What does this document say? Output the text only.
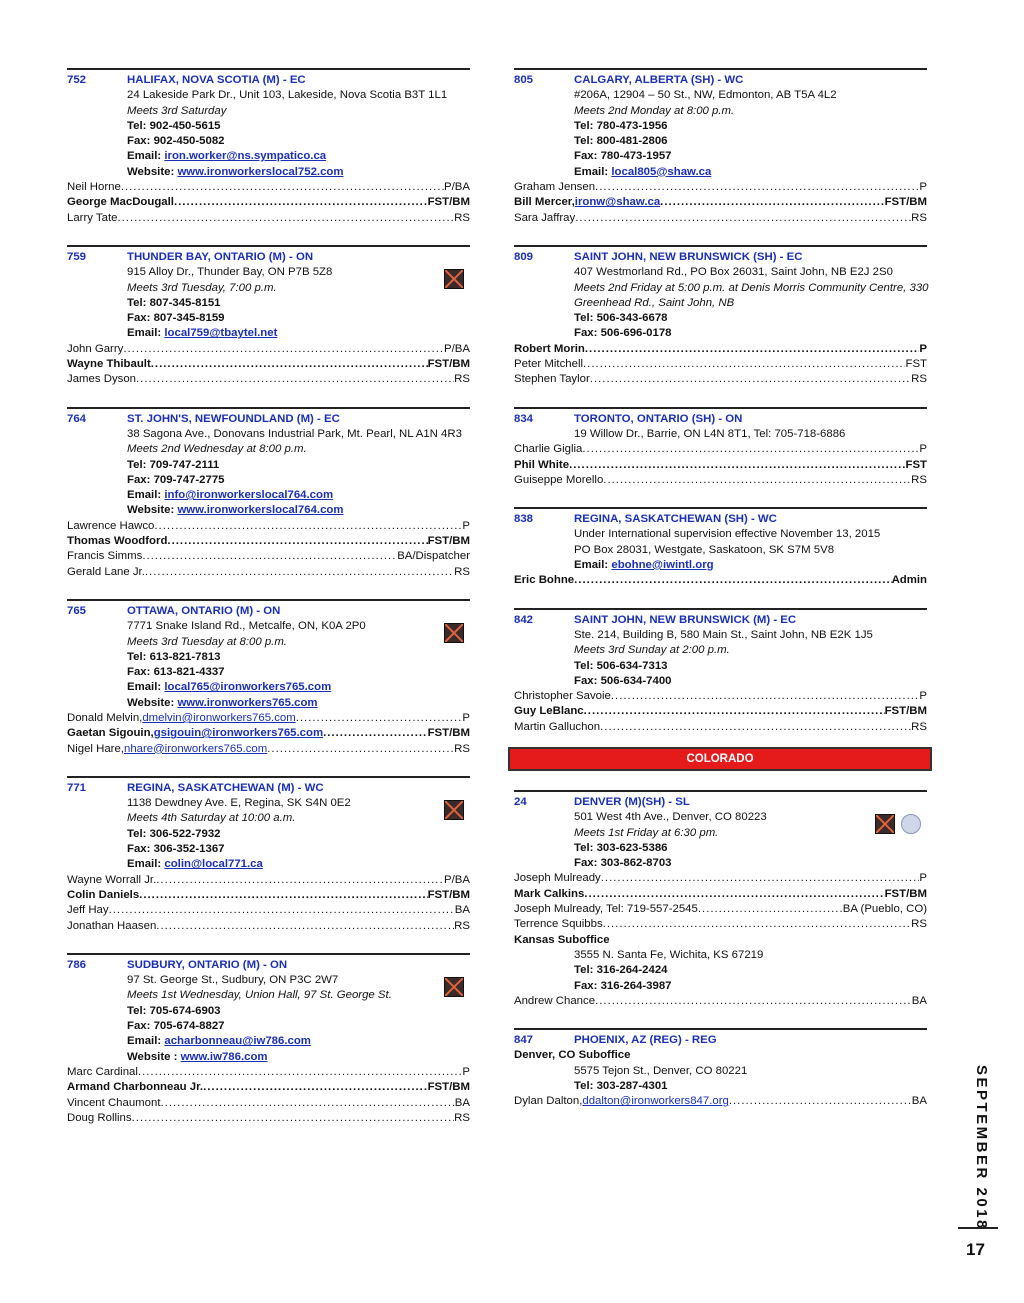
752	HALIFAX, NOVA SCOTIA (M) - EC
24 Lakeside Park Dr., Unit 103, Lakeside, Nova Scotia B3T 1L1
Meets 3rd Saturday
Tel: 902-450-5615
Fax: 902-450-5082
Email: iron.worker@ns.sympatico.ca
Website: www.ironworkerslocal752.com
Neil Horne .....	P/BA
George MacDougall .....	FST/BM
Larry Tate .....	RS
759	THUNDER BAY, ONTARIO (M) - ON
915 Alloy Dr., Thunder Bay, ON P7B 5Z8
Meets 3rd Tuesday, 7:00 p.m.
Tel: 807-345-8151
Fax: 807-345-8159
Email: local759@tbaytel.net
John Garry .....	P/BA
Wayne Thibault .....	FST/BM
James Dyson .....	RS
764	ST. JOHN'S, NEWFOUNDLAND (M) - EC
38 Sagona Ave., Donovans Industrial Park, Mt. Pearl, NL A1N 4R3
Meets 2nd Wednesday at 8:00 p.m.
Tel: 709-747-2111
Fax: 709-747-2775
Email: info@ironworkerslocal764.com
Website: www.ironworkerslocal764.com
Lawrence Hawco .....	P
Thomas Woodford .....	FST/BM
Francis Simms .....	BA/Dispatcher
Gerald Lane Jr. .....	RS
765	OTTAWA, ONTARIO (M) - ON
7771 Snake Island Rd., Metcalfe, ON, K0A 2P0
Meets 3rd Tuesday at 8:00 p.m.
Tel: 613-821-7813
Fax: 613-821-4337
Email: local765@ironworkers765.com
Website: www.ironworkers765.com
Donald Melvin, dmelvin@ironworkers765.com .....	P
Gaetan Sigouin, gsigouin@ironworkers765.com .....	FST/BM
Nigel Hare, nhare@ironworkers765.com .....	RS
771	REGINA, SASKATCHEWAN (M) - WC
1138 Dewdney Ave. E, Regina, SK S4N 0E2
Meets 4th Saturday at 10:00 a.m.
Tel: 306-522-7932
Fax: 306-352-1367
Email: colin@local771.ca
Wayne Worrall Jr. .....	P/BA
Colin Daniels .....	FST/BM
Jeff Hay .....	BA
Jonathan Haasen .....	RS
786	SUDBURY, ONTARIO (M) - ON
97 St. George St., Sudbury, ON P3C 2W7
Meets 1st Wednesday, Union Hall, 97 St. George St.
Tel: 705-674-6903
Fax: 705-674-8827
Email: acharbonneau@iw786.com
Website : www.iw786.com
Marc Cardinal .....	P
Armand Charbonneau Jr. .....	FST/BM
Vincent Chaumont .....	BA
Doug Rollins .....	RS
805	CALGARY, ALBERTA (SH) - WC
#206A, 12904 – 50 St., NW, Edmonton, AB T5A 4L2
Meets 2nd Monday at 8:00 p.m.
Tel: 780-473-1956
Tel: 800-481-2806
Fax: 780-473-1957
Email: local805@shaw.ca
Graham Jensen .....	P
Bill Mercer, ironw@shaw.ca .....	FST/BM
Sara Jaffray .....	RS
809	SAINT JOHN, NEW BRUNSWICK (SH) - EC
407 Westmorland Rd., PO Box 26031, Saint John, NB E2J 2S0
Meets 2nd Friday at 5:00 p.m. at Denis Morris Community Centre, 330
Greenhead Rd., Saint John, NB
Tel: 506-343-6678
Fax: 506-696-0178
Robert Morin .....	P
Peter Mitchell .....	FST
Stephen Taylor .....	RS
834	TORONTO, ONTARIO (SH) - ON
19 Willow Dr., Barrie, ON L4N 8T1, Tel: 705-718-6886
Charlie Giglia .....	P
Phil White .....	FST
Guiseppe Morello .....	RS
838	REGINA, SASKATCHEWAN (SH) - WC
Under International supervision effective November 13, 2015
PO Box 28031, Westgate, Saskatoon, SK S7M 5V8
Email: ebohne@iwintl.org
Eric Bohne .....	Admin
842	SAINT JOHN, NEW BRUNSWICK (M) - EC
Ste. 214, Building B, 580 Main St., Saint John, NB E2K 1J5
Meets 3rd Sunday at 2:00 p.m.
Tel: 506-634-7313
Fax: 506-634-7400
Christopher Savoie .....	P
Guy LeBlanc .....	FST/BM
Martin Galluchon .....	RS
COLORADO
24	DENVER (M)(SH) - SL
501 West 4th Ave., Denver, CO 80223
Meets 1st Friday at 6:30 pm.
Tel: 303-623-5386
Fax: 303-862-8703
Joseph Mulready .....	P
Mark Calkins .....	FST/BM
Joseph Mulready, Tel: 719-557-2545 .....	BA (Pueblo, CO)
Terrence Squibbs .....	RS
Kansas Suboffice
3555 N. Santa Fe, Wichita, KS 67219
Tel: 316-264-2424
Fax: 316-264-3987
Andrew Chance .....	BA
847	PHOENIX, AZ (REG) - REG
Denver, CO Suboffice
5575 Tejon St., Denver, CO 80221
Tel: 303-287-4301
Dylan Dalton, ddalton@ironworkers847.org .....	BA	SEPTEMBER 2018
17
